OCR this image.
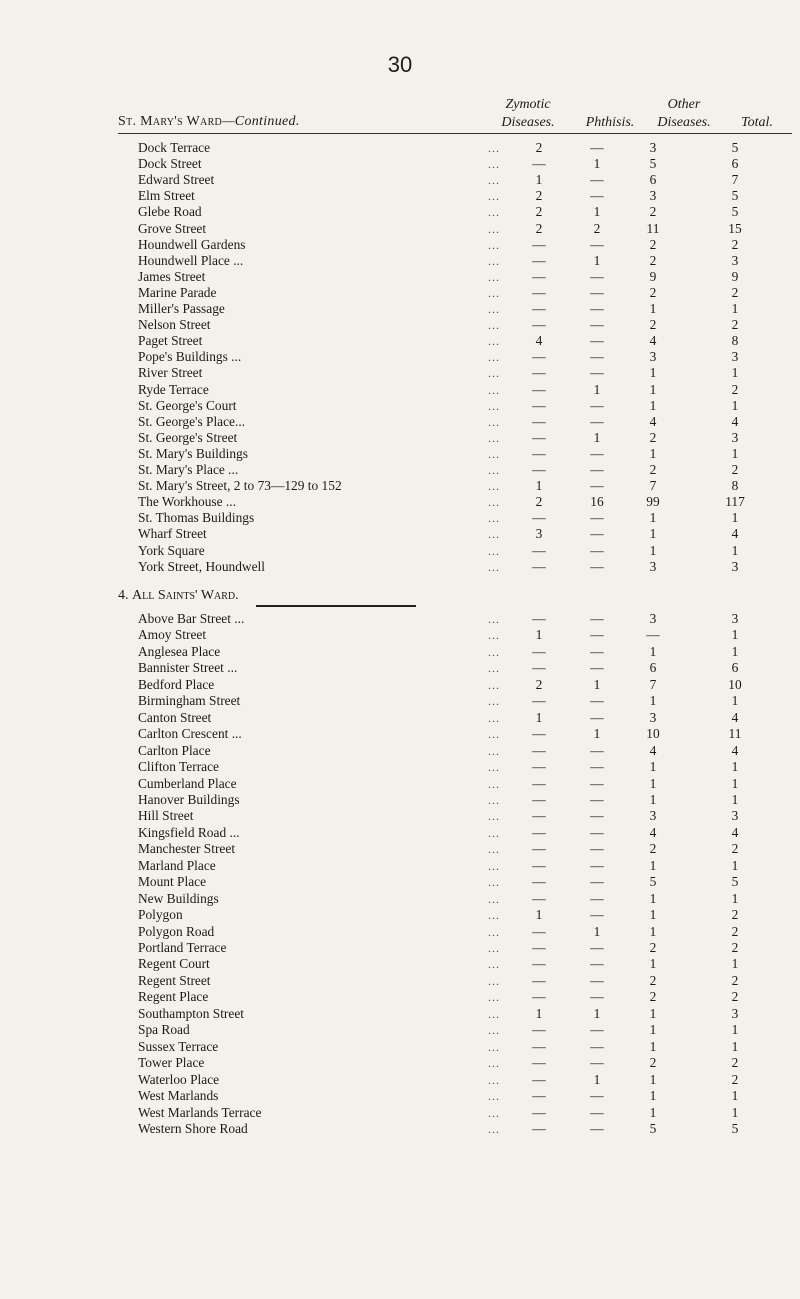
30
St. Mary's Ward—Continued.
Zymotic
Diseases.	Phthisis.
Other
Diseases.	Total.
Dock Terrace	...	2	—	3	5
Dock Street	...	—	1	5	6
Edward Street	...	1	—	6	7
Elm Street	...	2	—	3	5
Glebe Road	...	2	1	2	5
Grove Street	...	2	2	11	15
Houndwell Gardens	...	—	—	2	2
Houndwell Place ...	...	—	1	2	3
James Street	...	—	—	9	9
Marine Parade	...	—	—	2	2
Miller's Passage	...	—	—	1	1
Nelson Street	...	—	—	2	2
Paget Street	...	4	—	4	8
Pope's Buildings ...	...	—	—	3	3
River Street	...	—	—	1	1
Ryde Terrace	...	—	1	1	2
St. George's Court	...	—	—	1	1
St. George's Place...	...	—	—	4	4
St. George's Street	...	—	1	2	3
St. Mary's Buildings	...	—	—	1	1
St. Mary's Place ...	...	—	—	2	2
St. Mary's Street, 2 to 73—129 to 152	...	1	—	7	8
The Workhouse ...	...	2	16	99	117
St. Thomas Buildings	...	—	—	1	1
Wharf Street	...	3	—	1	4
York Square	...	—	—	1	1
York Street, Houndwell	...	—	—	3	3
4. All Saints' Ward.
Above Bar Street ...	...	—	—	3	3
Amoy Street	...	1	—	—	1
Anglesea Place	...	—	—	1	1
Bannister Street ...	...	—	—	6	6
Bedford Place	...	2	1	7	10
Birmingham Street	...	—	—	1	1
Canton Street	...	1	—	3	4
Carlton Crescent ...	...	—	1	10	11
Carlton Place	...	—	—	4	4
Clifton Terrace	...	—	—	1	1
Cumberland Place	...	—	—	1	1
Hanover Buildings	...	—	—	1	1
Hill Street	...	—	—	3	3
Kingsfield Road ...	...	—	—	4	4
Manchester Street	...	—	—	2	2
Marland Place	...	—	—	1	1
Mount Place	...	—	—	5	5
New Buildings	...	—	—	1	1
Polygon	...	1	—	1	2
Polygon Road	...	—	1	1	2
Portland Terrace	...	—	—	2	2
Regent Court	...	—	—	1	1
Regent Street	...	—	—	2	2
Regent Place	...	—	—	2	2
Southampton Street	...	1	1	1	3
Spa Road	...	—	—	1	1
Sussex Terrace	...	—	—	1	1
Tower Place	...	—	—	2	2
Waterloo Place	...	—	1	1	2
West Marlands	...	—	—	1	1
West Marlands Terrace	...	—	—	1	1
Western Shore Road	...	—	—	5	5
